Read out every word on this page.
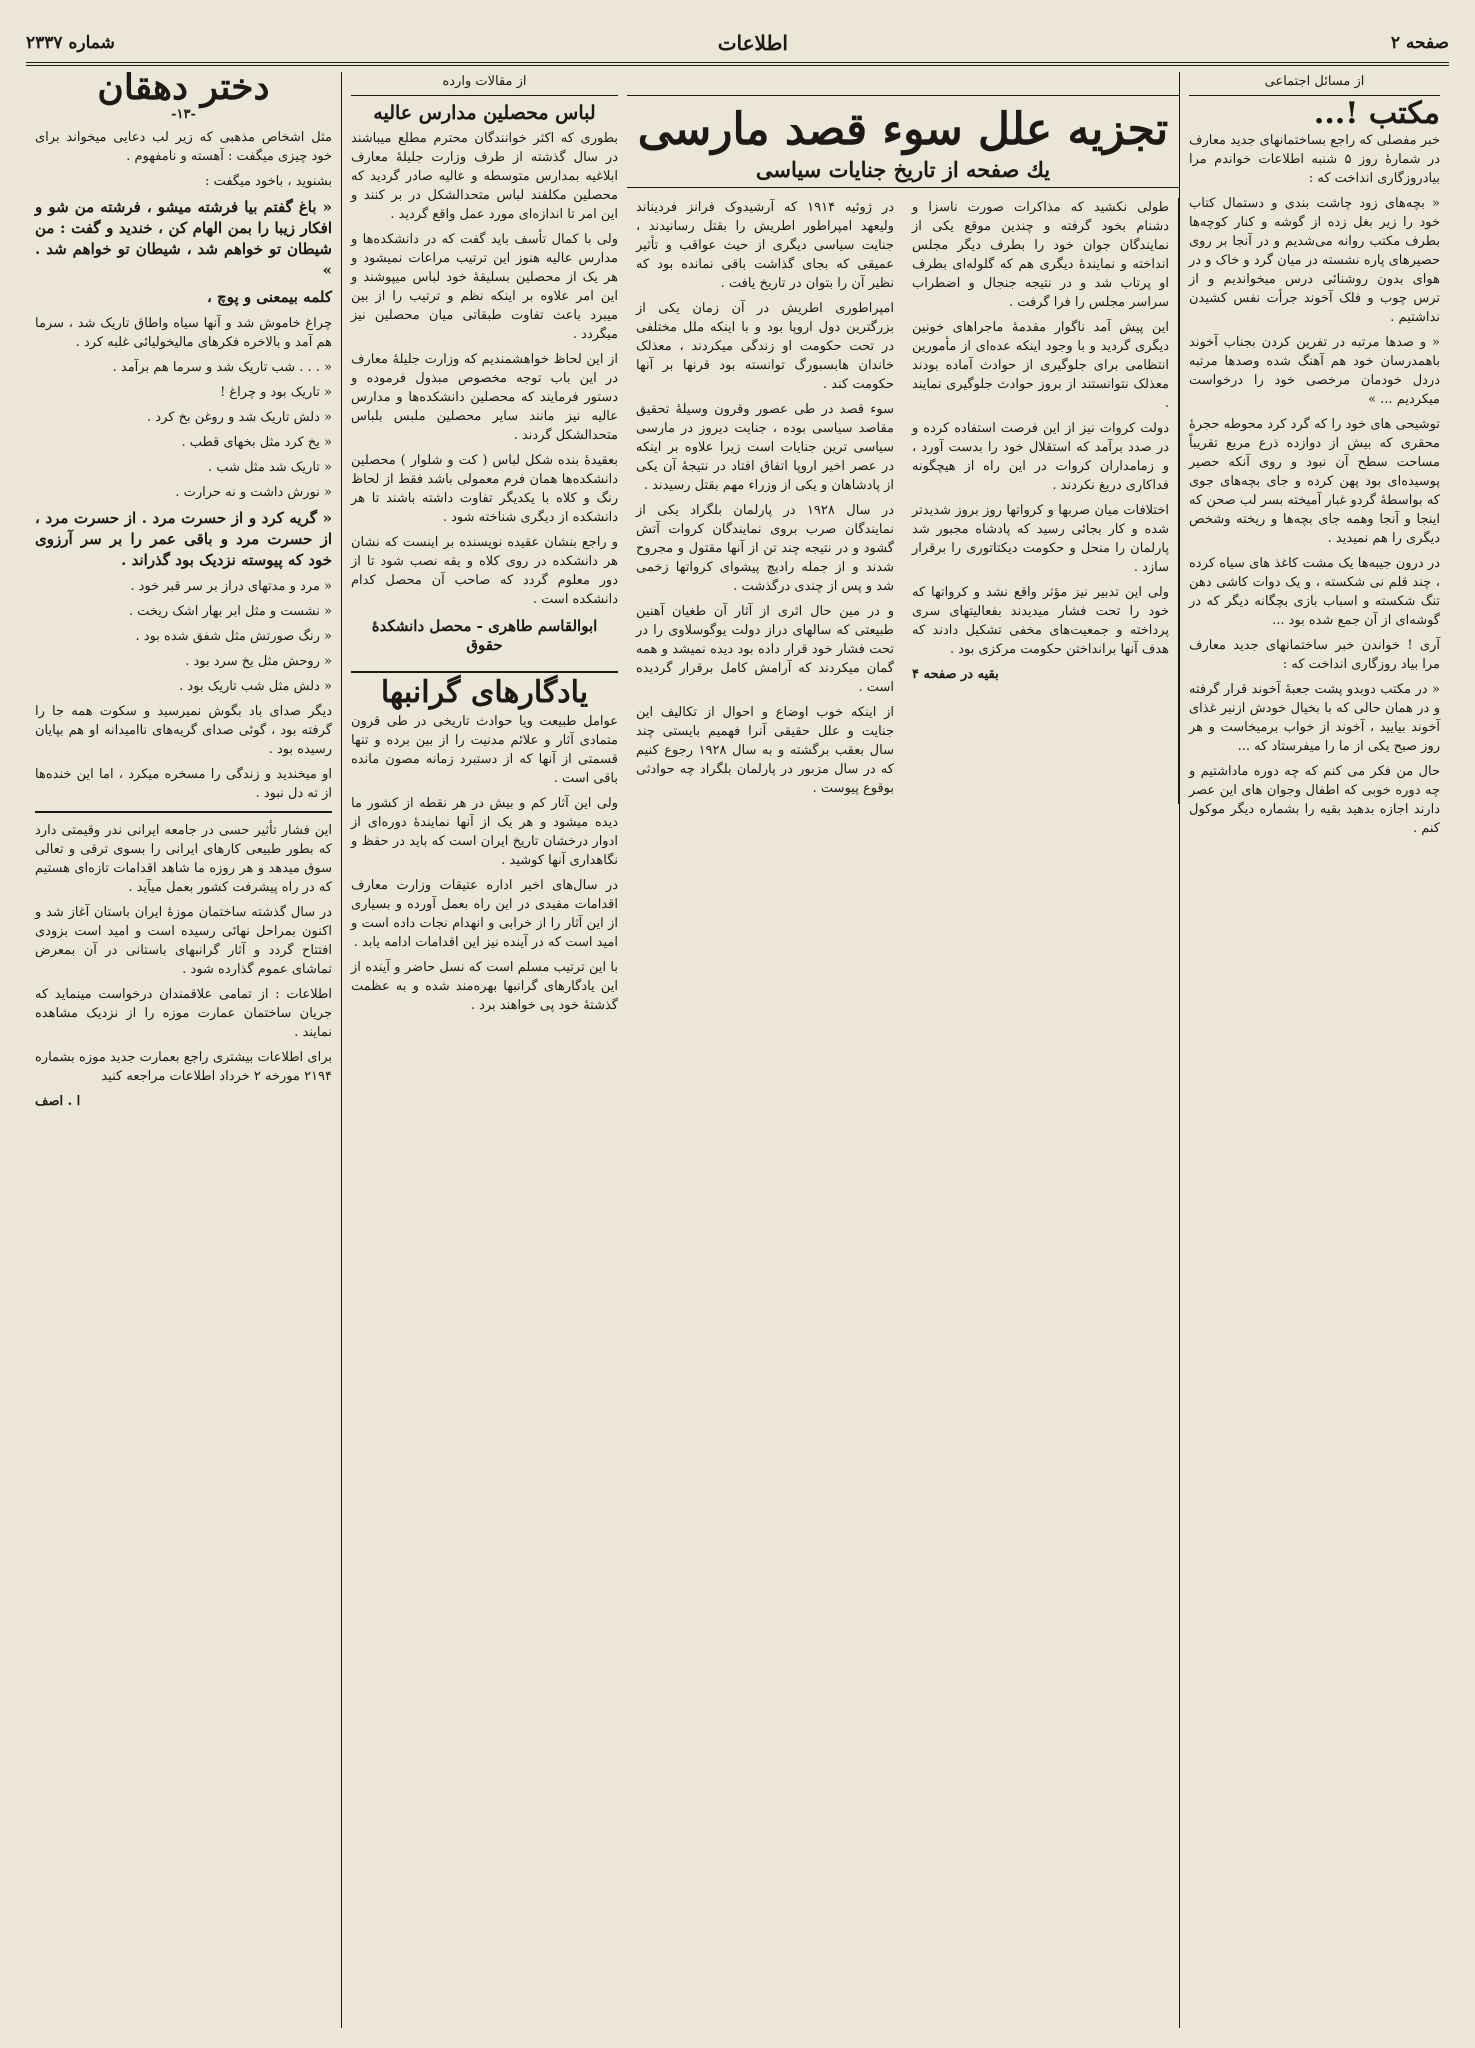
صفحه ۲
اطلاعات
شماره ۲۳۳۷
از مسائل اجتماعی
مکتب !...

خبر مفصلی که راجع بساختمانهای جدید معارف در شمارهٔ روز ۵ شنبه اطلاعات خواندم مرا بیادروزگاری انداخت که :

« بچه‌های زود چاشت بندی و دستمال کتاب خود را زیر بغل زده از گوشه و کنار کوچه‌ها بطرف مکتب روانه می‌شدیم و در آنجا بر روی حصیرهای پاره نشسته در میان گرد و خاک و در هوای بدون روشنائی درس میخواندیم و از ترس چوب و فلک آخوند جرأت نفس کشیدن نداشتیم .

« و صدها مرتبه در تفرین کردن بجناب آخوند باهمدرسان خود هم آهنگ شده وصدها مرتبه دردل خودمان مرخصی خود را درخواست میکردیم ... »

توشیحی های خود را که گرد کرد محوطه حجرهٔ محقری که بیش از دوازده ذرع مربع تقریباً مساحت سطح آن نبود و روی آنکه حصیر پوسیده‌ای بود پهن کرده و جای بچه‌های جوی که بواسطهٔ گردو غبار آمیخته بسر لب صحن که اینجا و آنجا وهمه جای بچه‌ها و ریخته وشخص دیگری را هم نمیدید .

در درون جیبه‌ها یک مشت کاغذ های سیاه کرده ، چند قلم نی شکسته ، و یک دوات کاشی دهن تنگ شکسته و اسباب بازی بچگانه دیگر که در گوشه‌ای از آن جمع شده بود ...

آری ! خواندن خبر ساختمانهای جدید معارف مرا بیاد روزگاری انداخت که :

« در مکتب دوبدو پشت جعبهٔ آخوند قرار گرفته و در همان حالی که با بخیال خودش ازنیر غذای آخوند بیایید ، آخوند از خواب برمیخاست و هر روز صبح یکی از ما را میفرستاد که ...

حال من فکر می کنم که چه دوره ماداشتیم و چه دوره خوبی که اطفال وجوان های این عصر دارند اجازه بدهید بقیه را بشماره دیگر موکول کنم .

تجزیه علل سوء قصد مارسی
یك صفحه از تاریخ جنایات سیاسی

در ژوئیه ۱۹۱۴ که آرشیدوک فرانز فردیناند ولیعهد امپراطور اطریش را بقتل رسانیدند ، جنایت سیاسی دیگری از حیث عواقب و تأثیر عمیقی که بجای گذاشت باقی نمانده بود که نظیر آن را بتوان در تاریخ یافت .

امپراطوری اطریش در آن زمان یکی از بزرگترین دول اروپا بود و با اینکه ملل مختلفی در تحت حکومت او زندگی میکردند ، معذلک خاندان هابسبورگ توانسته بود قرنها بر آنها حکومت کند .

سوء قصد در طی عصور وقرون وسیلهٔ تحقیق مقاصد سیاسی بوده ، جنایت دیروز در مارسی سیاسی ترین جنایات است زیرا علاوه بر اینکه در عصر اخیر اروپا اتفاق افتاد در نتیجهٔ آن یکی از پادشاهان و یکی از وزراء مهم بقتل رسیدند .

در سال ۱۹۲۸ در پارلمان بلگراد یکی از نمایندگان صرب بروی نمایندگان کروات آتش گشود و در نتیجه چند تن از آنها مقتول و مجروح شدند و از جمله رادیچ پیشوای کرواتها زخمی شد و پس از چندی درگذشت .

و در مین حال اثری از آثار آن طغیان آهنین طبیعتی که سالهای دراز دولت یوگوسلاوی را در تحت فشار خود قرار داده بود دیده نمیشد و همه گمان میکردند که آرامش کامل برقرار گردیده است .

از اینکه خوب اوضاع و احوال از تکالیف این جنایت و علل حقیقی آنرا فهمیم بایستی چند سال بعقب برگشته و به سال ۱۹۲۸ رجوع کنیم که در سال مزبور در پارلمان بلگراد چه حوادثی بوقوع پیوست .

طولی نکشید که مذاکرات صورت ناسزا و دشنام بخود گرفته و چندین موقع یکی از نمایندگان جوان خود را بطرف دیگر مجلس انداخته و نمایندهٔ دیگری هم که گلوله‌ای بطرف او پرتاب شد و در نتیجه جنجال و اضطراب سراسر مجلس را فرا گرفت .

این پیش آمد ناگوار مقدمهٔ ماجراهای خونین دیگری گردید و با وجود اینکه عده‌ای از مأمورین انتظامی برای جلوگیری از حوادث آماده بودند معذلک نتوانستند از بروز حوادث جلوگیری نمایند .

دولت کروات نیز از این فرصت استفاده کرده و در صدد برآمد که استقلال خود را بدست آورد ، و زمامداران کروات در این راه از هیچگونه فداکاری دریغ نکردند .

اختلافات میان صربها و کرواتها روز بروز شدیدتر شده و کار بجائی رسید که پادشاه مجبور شد پارلمان را منحل و حکومت دیکتاتوری را برقرار سازد .

ولی این تدبیر نیز مؤثر واقع نشد و کرواتها که خود را تحت فشار میدیدند بفعالیتهای سری پرداخته و جمعیت‌های مخفی تشکیل دادند که هدف آنها برانداختن حکومت مرکزی بود .

بقیه در صفحه ۴

از مقالات وارده
لباس محصلین مدارس عالیه

بطوری که اکثر خوانندگان محترم مطلع میباشند در سال گذشته از طرف وزارت جلیلهٔ معارف ابلاغیه بمدارس متوسطه و عالیه صادر گردید که محصلین مکلفند لباس متحدالشکل در بر کنند و این امر تا اندازه‌ای مورد عمل واقع گردید .

ولی با کمال تأسف باید گفت که در دانشکده‌ها و مدارس عالیه هنوز این ترتیب مراعات نمیشود و هر یک از محصلین بسلیقهٔ خود لباس میپوشند و این امر علاوه بر اینکه نظم و ترتیب را از بین میبرد باعث تفاوت طبقاتی میان محصلین نیز میگردد .

از این لحاظ خواهشمندیم که وزارت جلیلهٔ معارف در این باب توجه مخصوص مبذول فرموده و دستور فرمایند که محصلین دانشکده‌ها و مدارس عالیه نیز مانند سایر محصلین ملبس بلباس متحدالشکل گردند .

بعقیدهٔ بنده شکل لباس ( کت و شلوار ) محصلین دانشکده‌ها همان فرم معمولی باشد فقط از لحاظ رنگ و کلاه با یکدیگر تفاوت داشته باشند تا هر دانشکده از دیگری شناخته شود .

و راجع بنشان عقیده نویسنده بر اینست که نشان هر دانشکده در روی کلاه و یقه نصب شود تا از دور معلوم گردد که صاحب آن محصل کدام دانشکده است .

ابوالقاسم طاهری - محصل دانشکدهٔ حقوق
یادگارهای گرانبها

عوامل طبیعت ویا حوادث تاریخی در طی قرون متمادی آثار و علائم مدنیت را از بین برده و تنها قسمتی از آنها که از دستبرد زمانه مصون مانده باقی است .

ولی این آثار کم و بیش در هر نقطه از کشور ما دیده میشود و هر یک از آنها نمایندهٔ دوره‌ای از ادوار درخشان تاریخ ایران است که باید در حفظ و نگاهداری آنها کوشید .

در سال‌های اخیر اداره عتیقات وزارت معارف اقدامات مفیدی در این راه بعمل آورده و بسیاری از این آثار را از خرابی و انهدام نجات داده است و امید است که در آینده نیز این اقدامات ادامه یابد .

با این ترتیب مسلم است که نسل حاضر و آینده از این یادگارهای گرانبها بهره‌مند شده و به عظمت گذشتهٔ خود پی خواهند برد .

دختر دهقان
-۱۳-

مثل اشخاص مذهبی که زیر لب دعایی میخواند برای خود چیزی میگفت : آهسته و نامفهوم .

بشنوید ، باخود میگفت :

« باغ گفتم بیا فرشته میشو ، فرشته من شو و افکار زیبا را بمن الهام کن ، خندید و گفت : من شیطان تو خواهم شد ، شیطان تو خواهم شد . »

کلمه بیمعنی و پوچ ،

چراغ خاموش شد و آنها سیاه واطاق تاریک شد ، سرما هم آمد و بالاخره فکرهای مالیخولیائی غلبه کرد .

« . . . شب تاریک شد و سرما هم برآمد .

« تاریک بود و چراغ !

« دلش تاریک شد و روغن بخ کرد .

« یخ کرد مثل بخهای قطب .

« تاریک شد مثل شب .

« نورش داشت و نه حرارت .

« گریه کرد و از حسرت مرد . از حسرت مرد ، از حسرت مرد و باقی عمر را بر سر آرزوی خود که پیوسته نزدیک بود گذراند .

« مرد و مدتهای دراز بر سر قبر خود .

« نشست و مثل ابر بهار اشک ریخت .

« رنگ صورتش مثل شفق شده بود .

« روحش مثل یخ سرد بود .

« دلش مثل شب تاریک بود .

دیگر صدای باد بگوش نمیرسید و سکوت همه جا را گرفته بود ، گوئی صدای گریه‌های ناامیدانه او هم بپایان رسیده بود .

او میخندید و زندگی را مسخره میکرد ، اما این خنده‌ها از ته دل نبود .

این فشار تأثیر حسی در جامعه ایرانی ندر وقیمتی دارد که بطور طبیعی کارهای ایرانی را بسوی ترقی و تعالی سوق میدهد و هر روزه ما شاهد اقدامات تازه‌ای هستیم که در راه پیشرفت کشور بعمل میآید .

در سال گذشته ساختمان موزهٔ ایران باستان آغاز شد و اکنون بمراحل نهائی رسیده است و امید است بزودی افتتاح گردد و آثار گرانبهای باستانی در آن بمعرض تماشای عموم گذارده شود .

اطلاعات : از تمامی علاقمندان درخواست مینماید که جریان ساختمان عمارت موزه را از نزدیک مشاهده نمایند .

برای اطلاعات بیشتری راجع بعمارت جدید موزه بشماره ۲۱۹۴ مورخه ۲ خرداد اطلاعات مراجعه کنید

ا . اصف
